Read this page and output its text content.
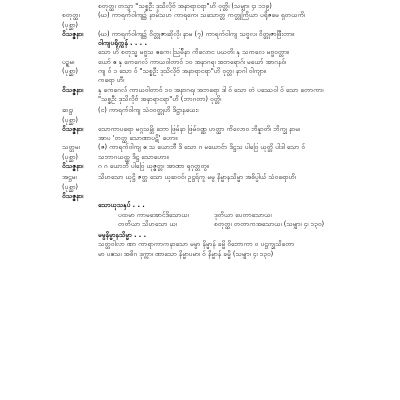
စတုတ္ထ၊ တသွာ "သစ္စဦး ဒုသိလိုဗ် အနာရာငရာ"ဟိ ဝုတ္တိ၊ (သမျှာ၊ ၄၊ ၁၁၉)
စတုတ္ထ၊
(ပုစ္ဆာ)
(ဃ) ကာရက်ဝါကျ၌ နာမ်သဟ ကာရကေ၊ သသောတ္တ ကတ္တုကြိယာ ပရိုဇမေ ရှတယကိ၊
ဝိသဇ္ဇနာ၊	(ဃ) ကာရက်ဝါကျ၌ ဝိတ္တုဇာဆိုလို၊ နာမ (၇) ကာရက်ဝါကျ သဗ္ဗလ၊ ဝိတ္တုဇာဖြီးတာ။
ဝါကျပရိုက္ကန် . . . .
သော ဟိ စတုသ္မ မဗ္ဗသ ဧကေ၊ သြမ်ိနာ ကိလောင ပဃတိ၊ နှ သကလေ မဗ္ဗဝတ္တာ။
ပဉ္စမ၊
(ပုစ္ဆာ)
ယော် ဧ နှ ကေဂေလ် ကာယဝါတာဝ် ၁၀ အနာဂရ၊ အဘရောဂ်၊ မယော် အာဂနဝ်၊
ကျ ဝ် ၁ သော ဝ် "သစ္စဦး ဒုသိလိုဗ် အနာရာငရာ"ဟိ ဝုတ္တ၊ နာဂါ ဝါကျာ။
ကရော ဟီ၊
ဝိသဇ္ဇနာ၊	နှ ကေဂေလ် ကာယဝါတာဝ် ၁၀ အနာဂရ၊ အဘရော ဒါ ဝ် သော တဲ ပဿေဝါ ဝ် သော တောကာ၊
"သစ္စဦး ဒုသိလိုဗ် အနာရာငရာ"ဟိ (ဘာဂတာ) ဝုတ္တိ၊
ဆဋ္ဌ၊
(ပုစ္ဆာ)
(င) ကာရက်ဝါကျ သံဝ၀တ္တုဟိ ဒိဋ္ဌာနယေး၊
ဝိသဇ္ဇနာ၊	သောကာပရော မဂ္ဂသမ္ဘိ၊ ဘော ဖြမ်နာ ဖြမ်ဝဏ္ဏ ဟတ္ထာ ကိလောဝ ဘိန္နာတိ၊ ဘိက္ခု နာမ၊
အာပ 'တတ္ထ သောဏာပဋိ' ဟော။
သတ္တမ၊
(ပုစ္ဆာ)
(ဇ) ကာရက်ဝါကျ ဧ သ ယောဘီ ဒိ သော ဂ မယောင်ာ ဒိဋ္ဌသ ပါဝြေ ယုတ္တိ ပါဒါ သော ဝ်
သဘာဂယထ္ထ ဒိဋ္ဌ သောဟော။
ဝိသဇ္ဇနာ၊	ဂ ဂ ယောဘီ ပါဝြေ ယုဇ္ဇတ္တ၊ အာဏာ ရုဂုတ္တတွ။
အဋ္ဌမ၊
(ပုစ္ဆာ)
သိဟသော ယုဋ္ဌိ ဇတ္တ သော ယုဆဝဝ်၊ ဥဋ္ဌရ်ကူ မမွ နိမ္မာနသိမ္မာ အဓိပ္ပါယ် သံဝရောဟိ၊
ဝိသဇ္ဇနာ၊
သောယုသနှပ် . . .
ပထမာ ကာမအောင်ဒိသောယ၊	ဒုတိယာ ပေတာသောယ၊
တတိယာ သိဟသော ယ၊	စတုတ္ထ၊ တတာကအသောယ၊ (သမျှာ၊ ၄၊ ၁၃၀)
မမွနိမ္မာနသိမ္မာ . . .
သတ္တဝါလာ ဏာ ကာရာကာကနာသော မမွာ နိမ္မာန် ခမ္မိ ဝိဘောကာ ၀ ပဋ္ဌက္ခုသိတော
မာ ပဧသ၊ အဓိဂ ဒုက္ကာ၊ ဏာသော နိမ္မာပမာ၊ ဝ် နိမ္မာန် ခမ္မိ (သမျှာ၊ ၄၊ ၁၃၀)
